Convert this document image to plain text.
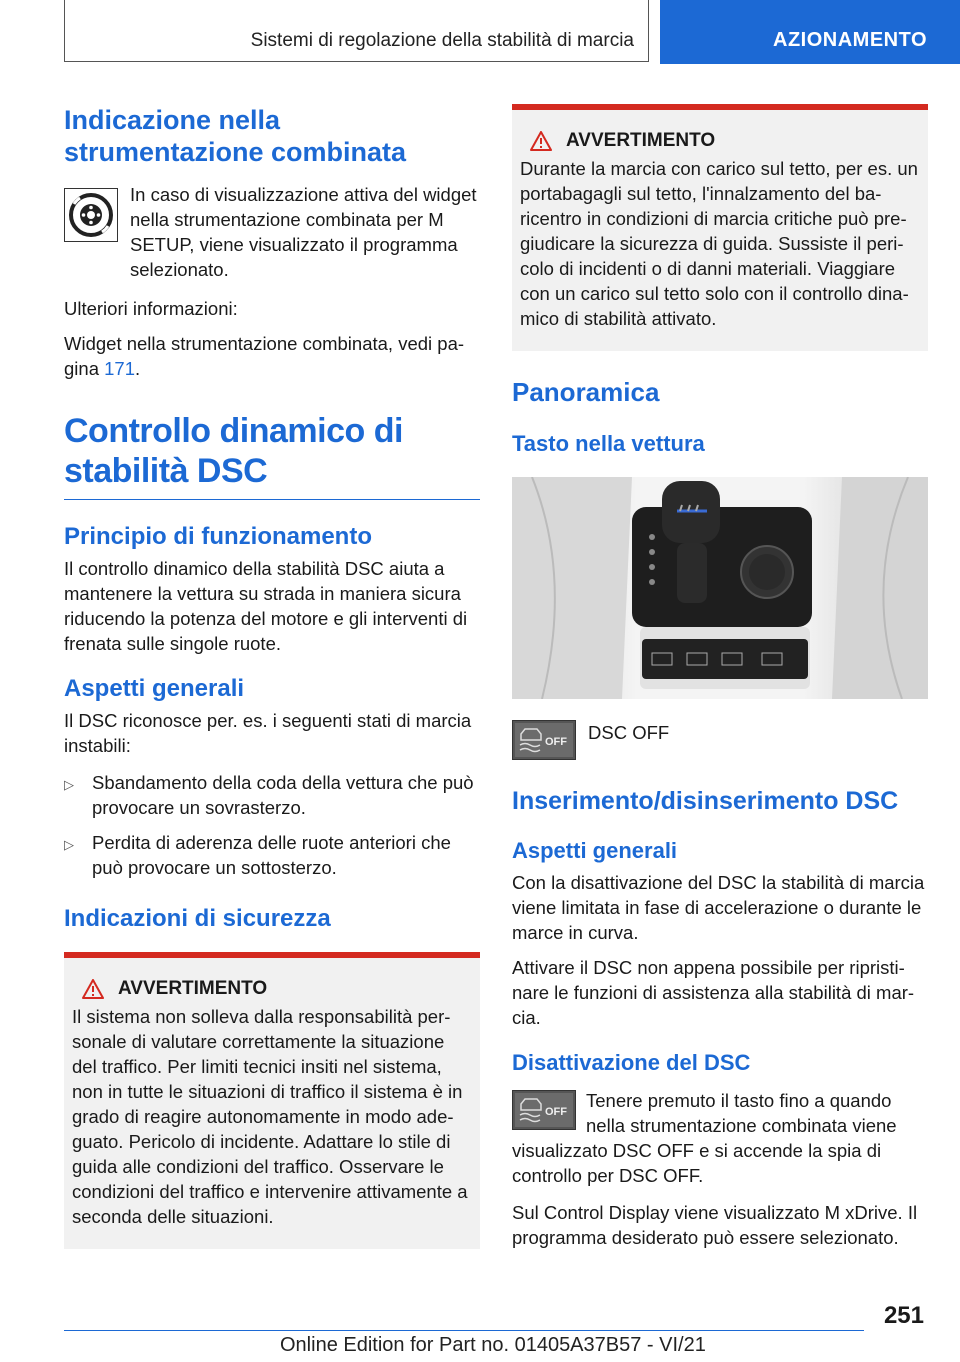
Sistemi di regolazione della stabilità di marcia	AZIONAMENTO
Indicazione nella strumentazione combinata

In caso di visualizzazione attiva del widget nella strumentazione combinata per M SETUP, viene visualizzato il programma selezionato.

Ulteriori informazioni:

Widget nella strumentazione combinata, vedi pagina 171.

Controllo dinamico di stabilità DSC
Principio di funzionamento

Il controllo dinamico della stabilità DSC aiuta a mantenere la vettura su strada in maniera sicura riducendo la potenza del motore e gli interventi di frenata sulle singole ruote.

Aspetti generali

Il DSC riconosce per. es. i seguenti stati di marcia instabili:

▷ Sbandamento della coda della vettura che può provocare un sovrasterzo.
▷ Perdita di aderenza delle ruote anteriori che può provocare un sottosterzo.
Indicazioni di sicurezza
AVVERTIMENTO

Il sistema non solleva dalla responsabilità personale di valutare correttamente la situazione del traffico. Per limiti tecnici insiti nel sistema, non in tutte le situazioni di traffico il sistema è in grado di reagire autonomamente in modo adeguato. Pericolo di incidente. Adattare lo stile di guida alle condizioni del traffico. Osservare le condizioni del traffico e intervenire attivamente a seconda delle situazioni.

AVVERTIMENTO

Durante la marcia con carico sul tetto, per es. un portabagagli sul tetto, l'innalzamento del baricentro in condizioni di marcia critiche può pregiudicare la sicurezza di guida. Sussiste il pericolo di incidenti o di danni materiali. Viaggiare con un carico sul tetto solo con il controllo dinamico di stabilità attivato.

Panoramica
Tasto nella vettura
OFF DSC OFF

Inserimento/disinserimento DSC
Aspetti generali

Con la disattivazione del DSC la stabilità di marcia viene limitata in fase di accelerazione o durante le marce in curva.

Attivare il DSC non appena possibile per ripristinare le funzioni di assistenza alla stabilità di marcia.

Disattivazione del DSC
OFF

Tenere premuto il tasto fino a quando nella strumentazione combinata viene visualizzato DSC OFF e si accende la spia di controllo per DSC OFF.

Sul Control Display viene visualizzato M xDrive. Il programma desiderato può essere selezionato.

251
Online Edition for Part no. 01405A37B57 - VI/21
